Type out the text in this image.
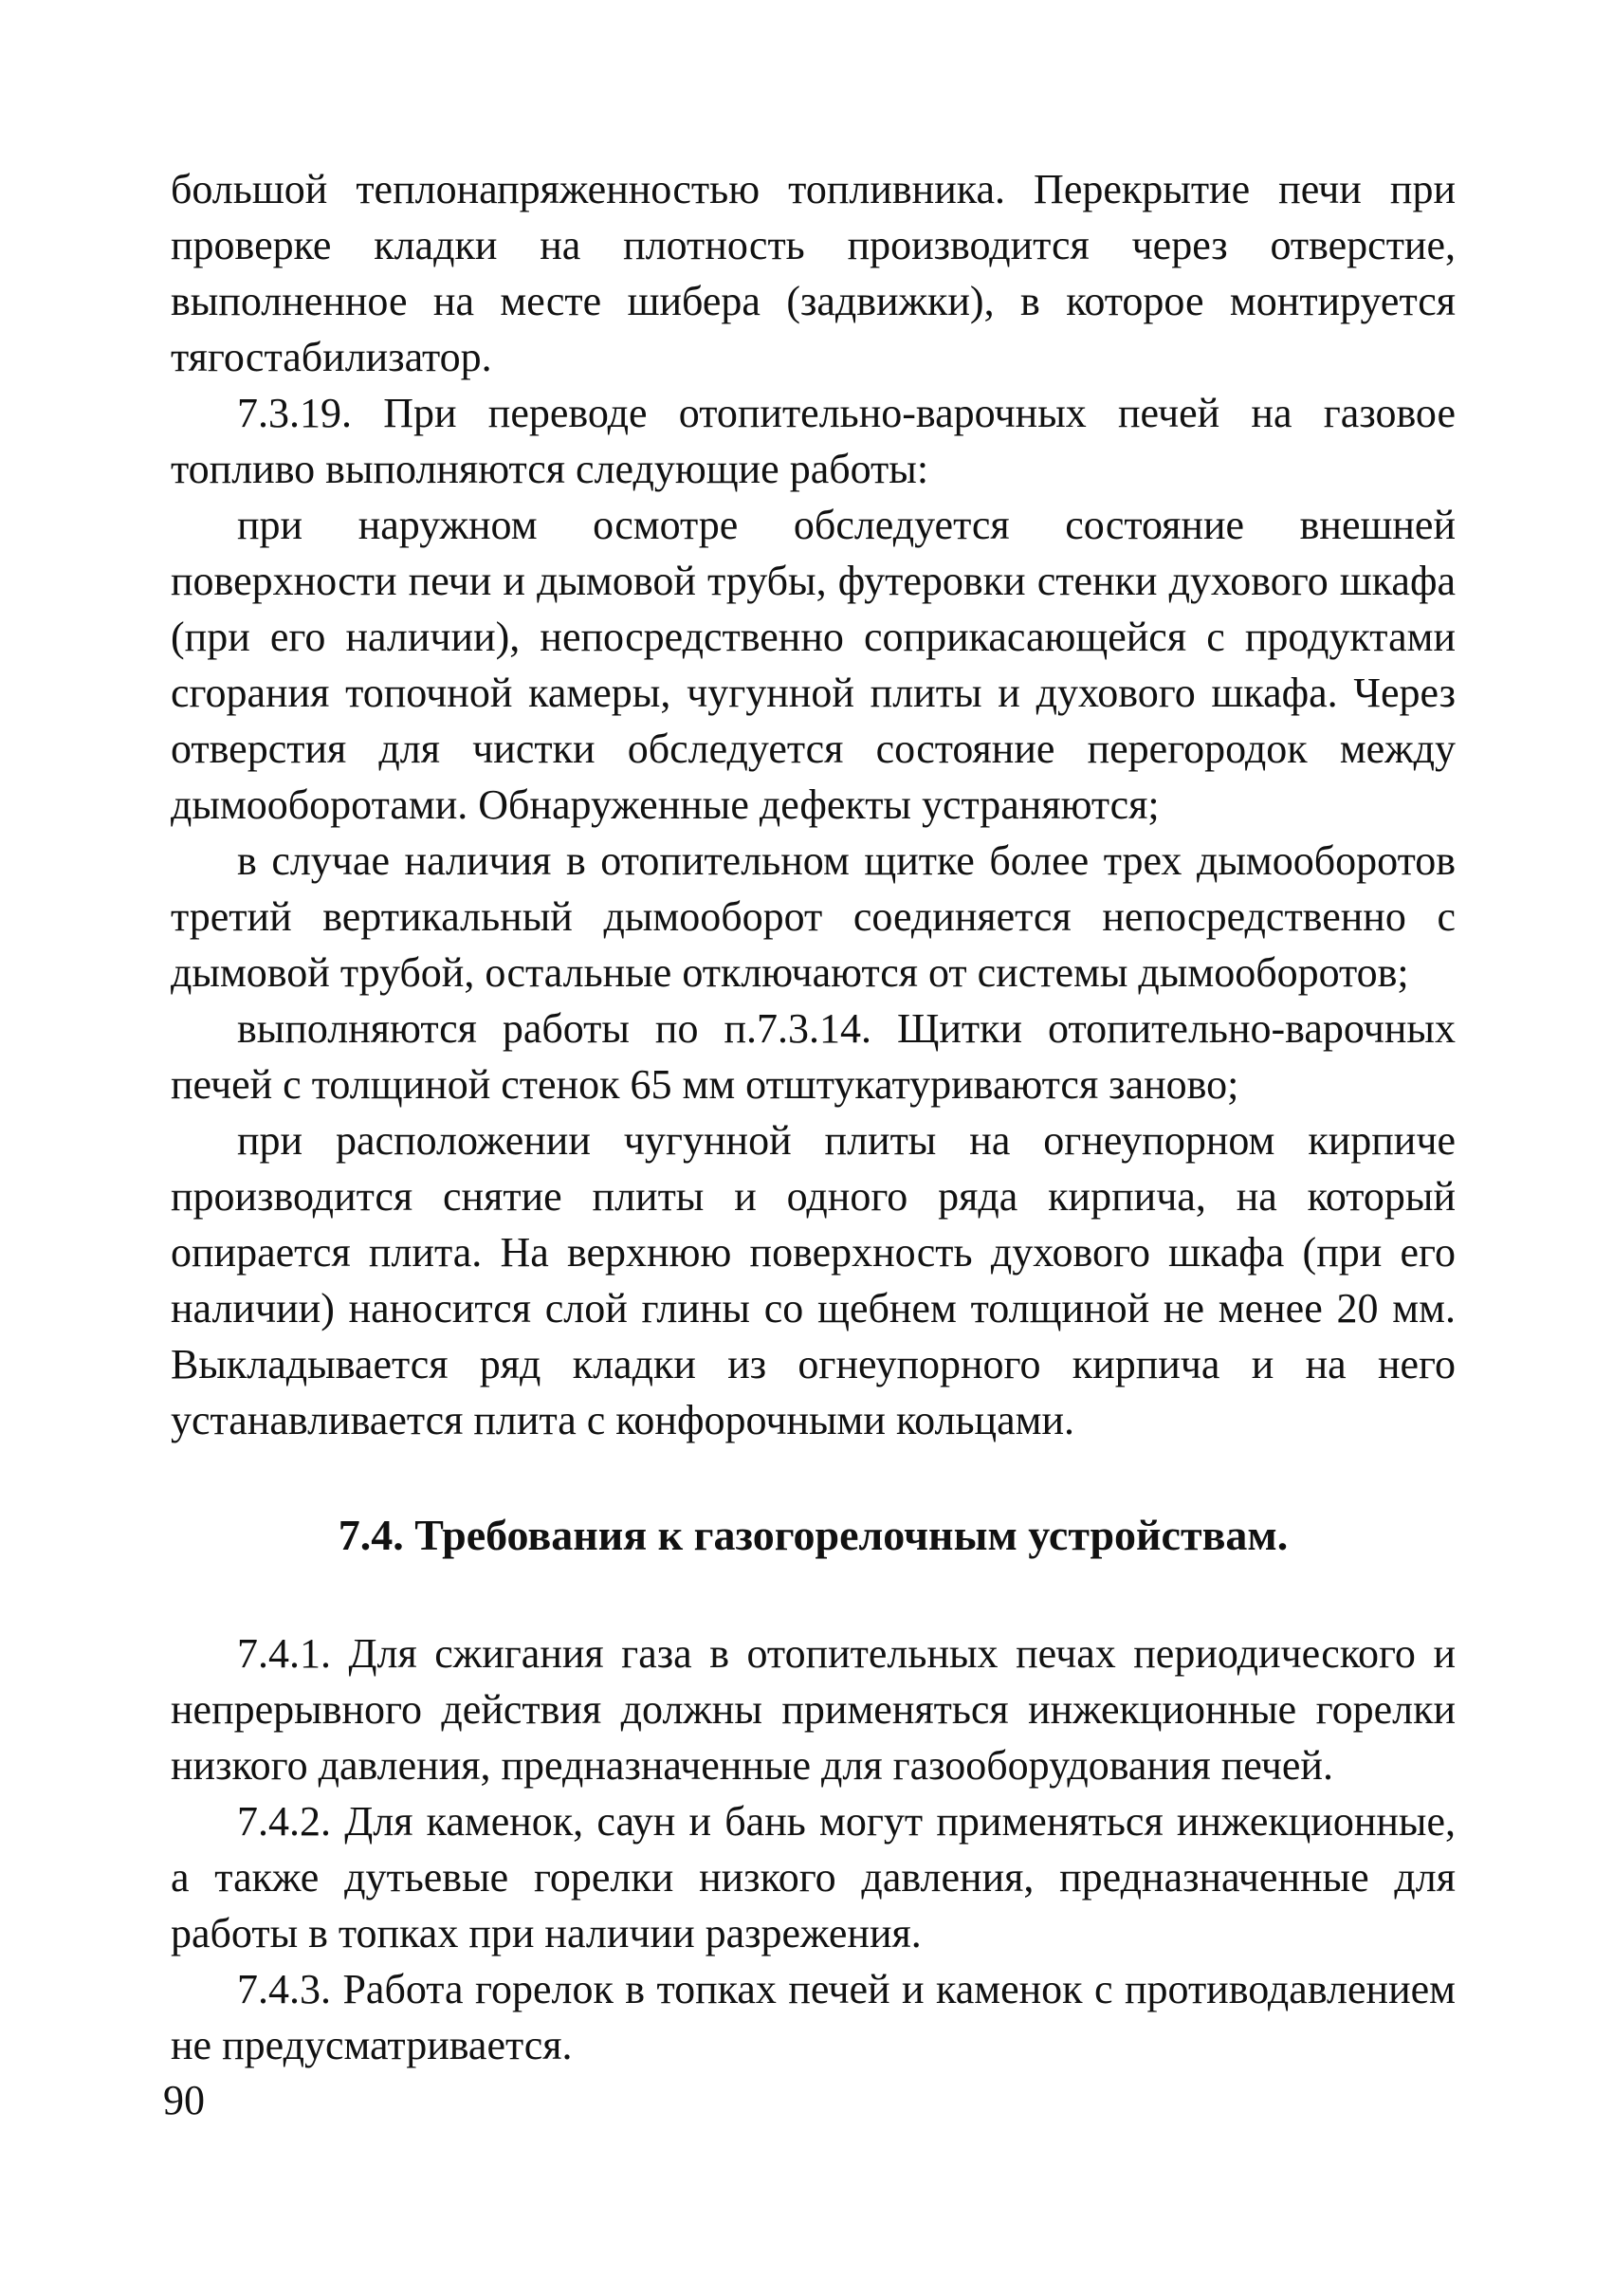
большой теплонапряженностью топливника. Перекрытие печи при проверке кладки на плотность производится через отверстие, выполненное на месте шибера (задвижки), в которое монтируется тягостабилизатор.

7.3.19. При переводе отопительно-варочных печей на газовое топливо выполняются следующие работы:

при наружном осмотре обследуется состояние внешней поверхности печи и дымовой трубы, футеровки стенки духового шкафа (при его наличии), непосредственно соприкасающейся с продуктами сгорания топочной камеры, чугунной плиты и духового шкафа. Через отверстия для чистки обследуется состояние перегородок между дымооборотами. Обнаруженные дефекты устраняются;

в случае наличия в отопительном щитке более трех дымооборотов третий вертикальный дымооборот соединяется непосредственно с дымовой трубой, остальные отключаются от системы дымооборотов;

выполняются работы по п.7.3.14. Щитки отопительно-варочных печей с толщиной стенок 65 мм отштукатуриваются заново;

при расположении чугунной плиты на огнеупорном кирпиче производится снятие плиты и одного ряда кирпича, на который опирается плита. На верхнюю поверхность духового шкафа (при его наличии) наносится слой глины со щебнем толщиной не менее 20 мм. Выкладывается ряд кладки из огнеупорного кирпича и на него устанавливается плита с конфорочными кольцами.

7.4. Требования к газогорелочным устройствам.

7.4.1. Для сжигания газа в отопительных печах периодического и непрерывного действия должны применяться инжекционные горелки низкого давления, предназначенные для газооборудования печей.

7.4.2. Для каменок, саун и бань могут применяться инжекционные, а также дутьевые горелки низкого давления, предназначенные для работы в топках при наличии разрежения.

7.4.3. Работа горелок в топках печей и каменок с противодавлением не предусматривается.

90
